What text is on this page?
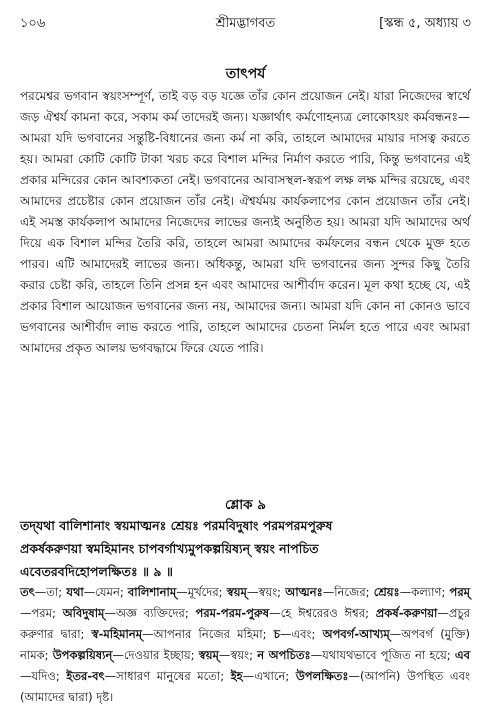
১০৬	শ্রীমদ্ভাগবত	[স্কন্ধ ৫, অধ্যায় ৩
তাৎপর্য
পরমেশ্বর ভগবান স্বয়ংসম্পূর্ণ, তাই বড় বড় যজ্ঞে তাঁর কোন প্রয়োজন নেই। যারা নিজেদের স্বার্থে জড় ঐশ্বর্য কামনা করে, সকাম কর্ম তাদেরই জন্য। যজ্ঞার্থাৎ কর্মণোহন্যত্র লোকোঽয়ং কর্মবন্ধনঃ—আমরা যদি ভগবানের সন্তুষ্টি-বিধানের জন্য কর্ম না করি, তাহলে আমাদের মায়ার দাসত্ব করতে হয়। আমরা কোটি কোটি টাকা খরচ করে বিশাল মন্দির নির্মাণ করতে পারি, কিন্তু ভগবানের এই প্রকার মন্দিরের কোন আবশ্যকতা নেই। ভগবানের আবাসস্থল-স্বরূপ লক্ষ লক্ষ মন্দির রয়েছে, এবং আমাদের প্রচেষ্টার কোন প্রয়োজন তাঁর নেই। ঐশ্বর্যময় কার্যকলাপের কোন প্রয়োজন তাঁর নেই। এই সমস্ত কার্যকলাপ আমাদের নিজেদের লাভের জন্যই অনুষ্ঠিত হয়। আমরা যদি আমাদের অর্থ দিয়ে এক বিশাল মন্দির তৈরি করি, তাহলে আমরা আমাদের কর্মফলের বন্ধন থেকে মুক্ত হতে পারব। এটি আমাদেরই লাভের জন্য। অধিকন্তু, আমরা যদি ভগবানের জন্য সুন্দর কিছু তৈরি করার চেষ্টা করি, তাহলে তিনি প্রসন্ন হন এবং আমাদের আশীর্বাদ করেন। মূল কথা হচ্ছে যে, এই প্রকার বিশাল আয়োজন ভগবানের জন্য নয়, আমাদের জন্য। আমরা যদি কোন না কোনও ভাবে ভগবানের আশীর্বাদ লাভ করতে পারি, তাহলে আমাদের চেতনা নির্মল হতে পারে এবং আমরা আমাদের প্রকৃত আলয় ভগবদ্ধামে ফিরে যেতে পারি।
শ্লোক ৯
তদ্‌যথা বালিশানাং স্বয়মাত্মনঃ শ্রেয়ঃ পরমবিদুষাং পরমপরমপুরুষ
প্রকর্ষকরুণয়া স্বমহিমানং চাপবর্গাখ্যমুপকল্পয়িষ্যন্‌ স্বয়ং নাপচিত
এবেতরবদিহোপলক্ষিতঃ ॥ ৯ ॥
তৎ—তা; যথা—যেমন; বালিশানাম্—মূর্খদের; স্বয়ম্—স্বয়ং; আত্মনঃ—নিজের; শ্রেয়ঃ—কল্যাণ; পরম্—পরম; অবিদুষাম্—অজ্ঞ ব্যক্তিদের; পরম-পরম-পুরুষ—হে ঈশ্বরেরও ঈশ্বর; প্রকর্ষ-করুণয়া—প্রচুর করুণার দ্বারা; স্ব-মহিমানম্—আপনার নিজের মহিমা; চ—এবং; অপবর্গ-আখ্যম্—অপবর্গ (মুক্তি) নামক; উপকল্পয়িষ্যন্—দেওয়ার ইচ্ছায়; স্বয়ম্—স্বয়ং; ন অপচিতঃ—যথাযথভাবে পূজিত না হয়ে; এব—যদিও; ইতর-বৎ—সাধারণ মানুষের মতো; ইহ—এখানে; উপলক্ষিতঃ—(আপনি) উপস্থিত এবং (আমাদের দ্বারা) দৃষ্ট।
